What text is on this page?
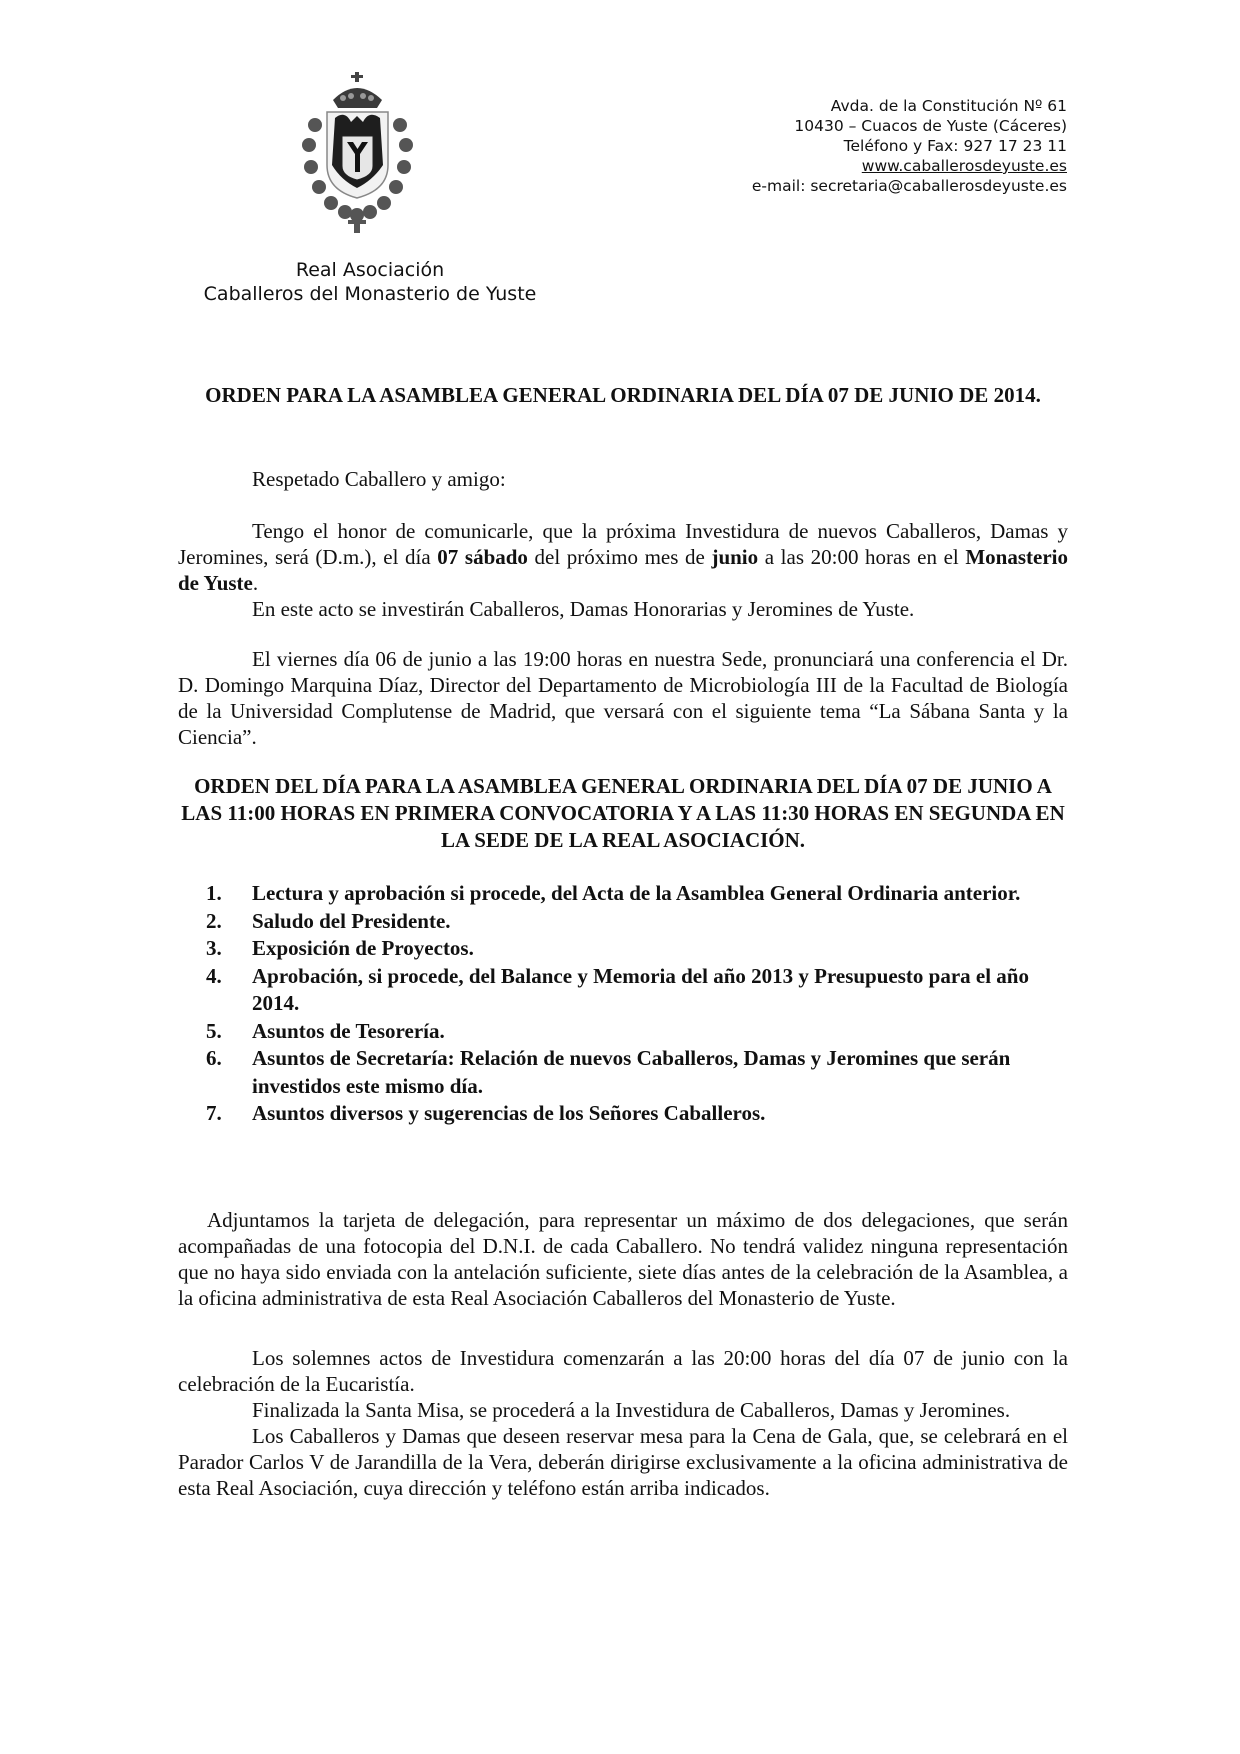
Avda. de la Constitución Nº 61
10430 – Cuacos de Yuste (Cáceres)
Teléfono y Fax: 927 17 23 11
www.caballerosdeyuste.es
e-mail: secretaria@caballerosdeyuste.es
Real Asociación
Caballeros del Monasterio de Yuste
ORDEN PARA LA ASAMBLEA GENERAL ORDINARIA DEL DÍA 07 DE JUNIO DE 2014.
Respetado Caballero y amigo:

Tengo el honor de comunicarle, que la próxima Investidura de nuevos Caballeros, Damas y Jeromines, será (D.m.), el día 07 sábado del próximo mes de junio a las 20:00 horas en el Monasterio de Yuste.

En este acto se investirán Caballeros, Damas Honorarias y Jeromines de Yuste.

El viernes día 06 de junio a las 19:00 horas en nuestra Sede, pronunciará una conferencia el Dr. D. Domingo Marquina Díaz, Director del Departamento de Microbiología III de la Facultad de Biología de la Universidad Complutense de Madrid, que versará con el siguiente tema “La Sábana Santa y la Ciencia”.

ORDEN DEL DÍA PARA LA ASAMBLEA GENERAL ORDINARIA DEL DÍA 07 DE JUNIO A LAS 11:00 HORAS EN PRIMERA CONVOCATORIA Y A LAS 11:30 HORAS EN SEGUNDA EN LA SEDE DE LA REAL ASOCIACIÓN.
1. Lectura y aprobación si procede, del Acta de la Asamblea General Ordinaria anterior.
2. Saludo del Presidente.
3. Exposición de Proyectos.
4. Aprobación, si procede, del Balance y Memoria del año 2013 y Presupuesto para el año 2014.
5. Asuntos de Tesorería.
6. Asuntos de Secretaría: Relación de nuevos Caballeros, Damas y Jeromines que serán investidos este mismo día.
7. Asuntos diversos y sugerencias de los Señores Caballeros.

Adjuntamos la tarjeta de delegación, para representar un máximo de dos delegaciones, que serán acompañadas de una fotocopia del D.N.I. de cada Caballero. No tendrá validez ninguna representación que no haya sido enviada con la antelación suficiente, siete días antes de la celebración de la Asamblea, a la oficina administrativa de esta Real Asociación Caballeros del Monasterio de Yuste.

Los solemnes actos de Investidura comenzarán a las 20:00 horas del día 07 de junio con la celebración de la Eucaristía.

Finalizada la Santa Misa, se procederá a la Investidura de Caballeros, Damas y Jeromines.

Los Caballeros y Damas que deseen reservar mesa para la Cena de Gala, que, se celebrará en el Parador Carlos V de Jarandilla de la Vera, deberán dirigirse exclusivamente a la oficina administrativa de esta Real Asociación, cuya dirección y teléfono están arriba indicados.
